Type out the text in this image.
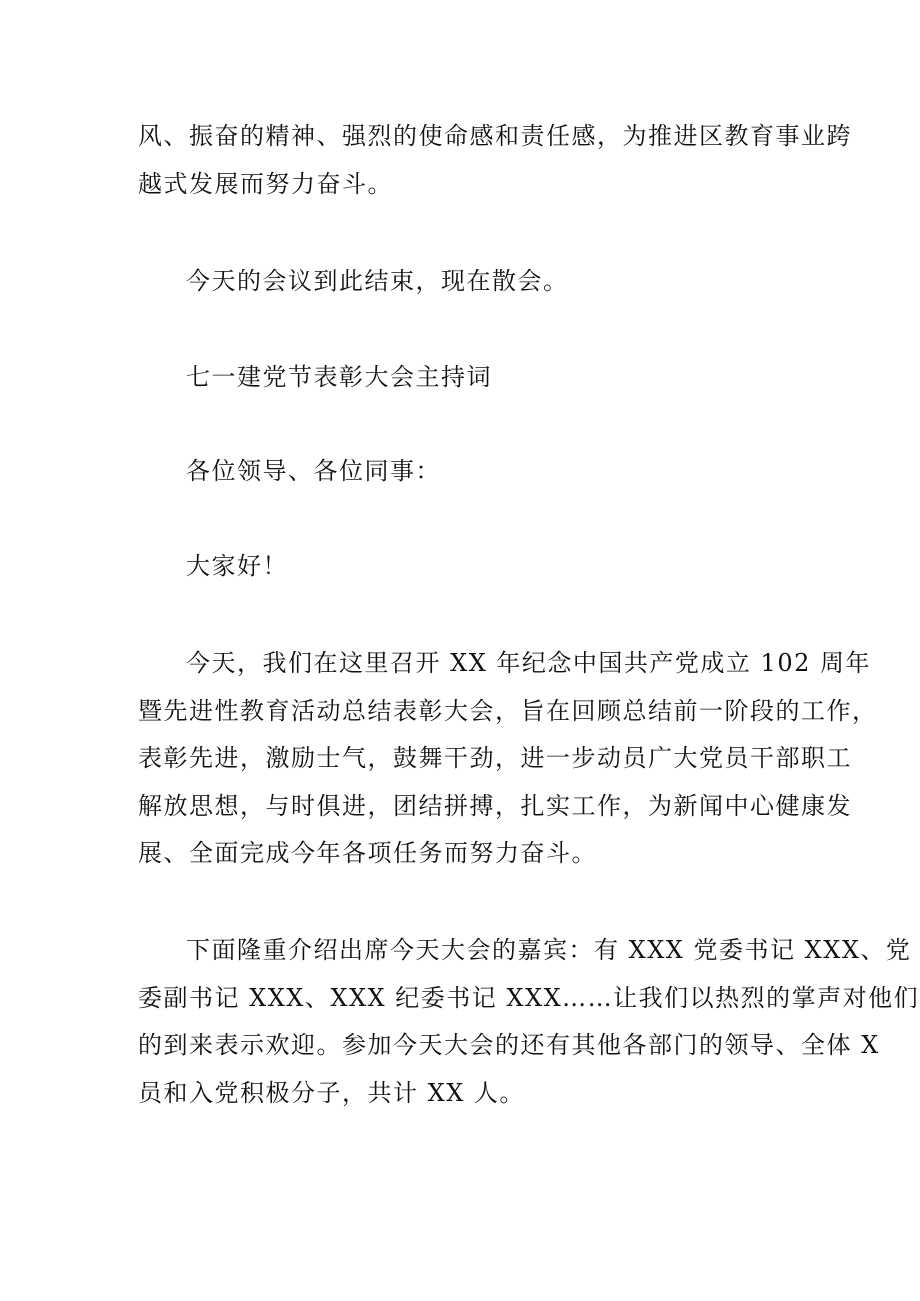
风、振奋的精神、强烈的使命感和责任感，为推进区教育事业跨
越式发展而努力奋斗。

今天的会议到此结束，现在散会。

七一建党节表彰大会主持词

各位领导、各位同事：

大家好！

今天，我们在这里召开 XX 年纪念中国共产党成立 102 周年
暨先进性教育活动总结表彰大会，旨在回顾总结前一阶段的工作，
表彰先进，激励士气，鼓舞干劲，进一步动员广大党员干部职工
解放思想，与时俱进，团结拼搏，扎实工作，为新闻中心健康发
展、全面完成今年各项任务而努力奋斗。
下面隆重介绍出席今天大会的嘉宾：有 XXX 党委书记 XXX、党
委副书记 XXX、XXX 纪委书记 XXX……让我们以热烈的掌声对他们
的到来表示欢迎。参加今天大会的还有其他各部门的领导、全体 X
员和入党积极分子，共计 XX 人。
